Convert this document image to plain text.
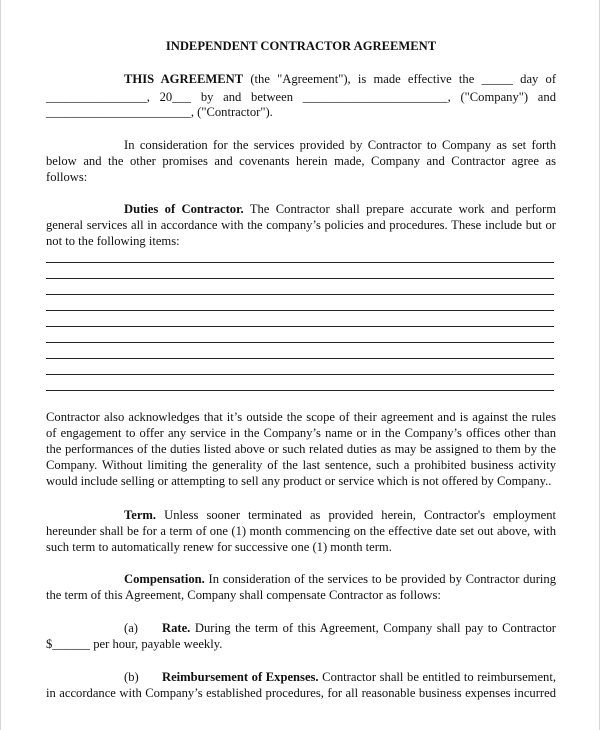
INDEPENDENT CONTRACTOR AGREEMENT
THIS AGREEMENT (the "Agreement"), is made effective the _____ day of
________________, 20___ by and between _______________________, ("Company") and
_______________________, ("Contractor").
In consideration for the services provided by Contractor to Company as set forth
below and the other promises and covenants herein made, Company and Contractor agree as
follows:
Duties of Contractor. The Contractor shall prepare accurate work and perform
general services all in accordance with the company’s policies and procedures. These include but or
not to the following items:
Contractor also acknowledges that it’s outside the scope of their agreement and is against the rules
of engagement to offer any service in the Company’s name or in the Company’s offices other than
the performances of the duties listed above or such related duties as may be assigned to them by the
Company. Without limiting the generality of the last sentence, such a prohibited business activity
would include selling or attempting to sell any product or service which is not offered by Company..
Term. Unless sooner terminated as provided herein, Contractor's employment
hereunder shall be for a term of one (1) month commencing on the effective date set out above, with
such term to automatically renew for successive one (1) month term.
Compensation. In consideration of the services to be provided by Contractor during
the term of this Agreement, Company shall compensate Contractor as follows:
(a) Rate. During the term of this Agreement, Company shall pay to Contractor
$______ per hour, payable weekly.
(b) Reimbursement of Expenses. Contractor shall be entitled to reimbursement,
in accordance with Company’s established procedures, for all reasonable business expenses incurred
